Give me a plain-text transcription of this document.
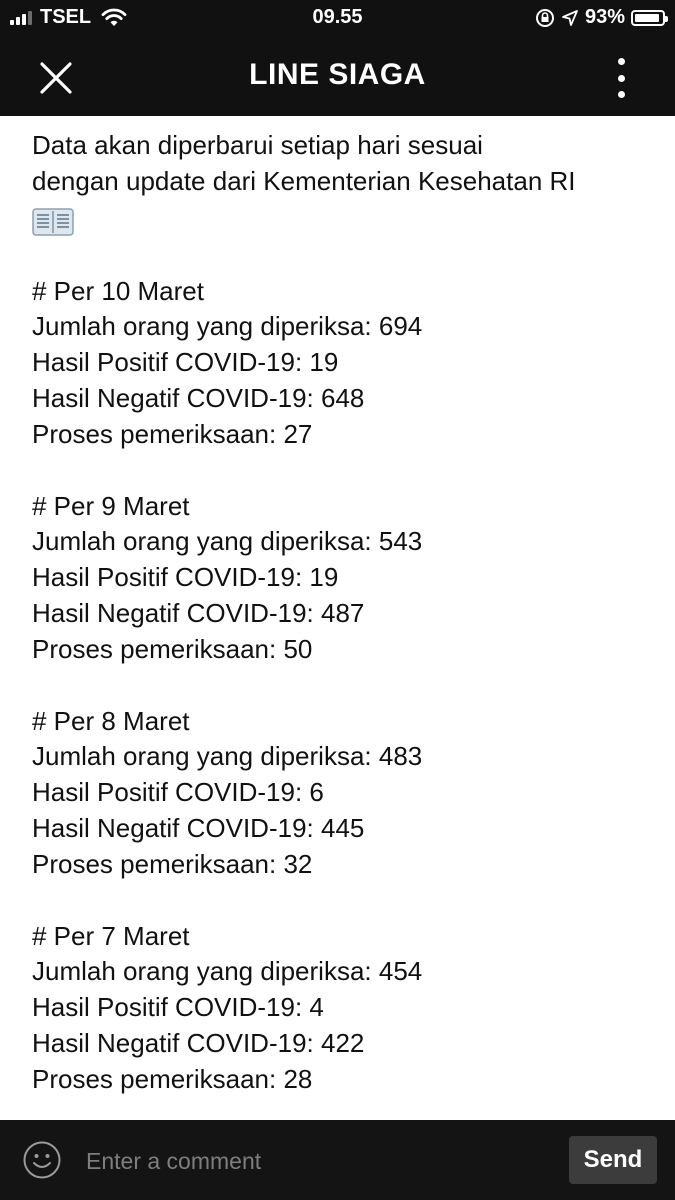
TSEL	09.55	93%
LINE SIAGA

Data akan diperbarui setiap hari sesuai

dengan update dari Kementerian Kesehatan RI

# Per 10 Maret
Jumlah orang yang diperiksa: 694
Hasil Positif COVID-19: 19
Hasil Negatif COVID-19: 648
Proses pemeriksaan: 27
# Per 9 Maret
Jumlah orang yang diperiksa: 543
Hasil Positif COVID-19: 19
Hasil Negatif COVID-19: 487
Proses pemeriksaan: 50
# Per 8 Maret
Jumlah orang yang diperiksa: 483
Hasil Positif COVID-19: 6
Hasil Negatif COVID-19: 445
Proses pemeriksaan: 32
# Per 7 Maret
Jumlah orang yang diperiksa: 454
Hasil Positif COVID-19: 4
Hasil Negatif COVID-19: 422
Proses pemeriksaan: 28
Enter a comment
Send
